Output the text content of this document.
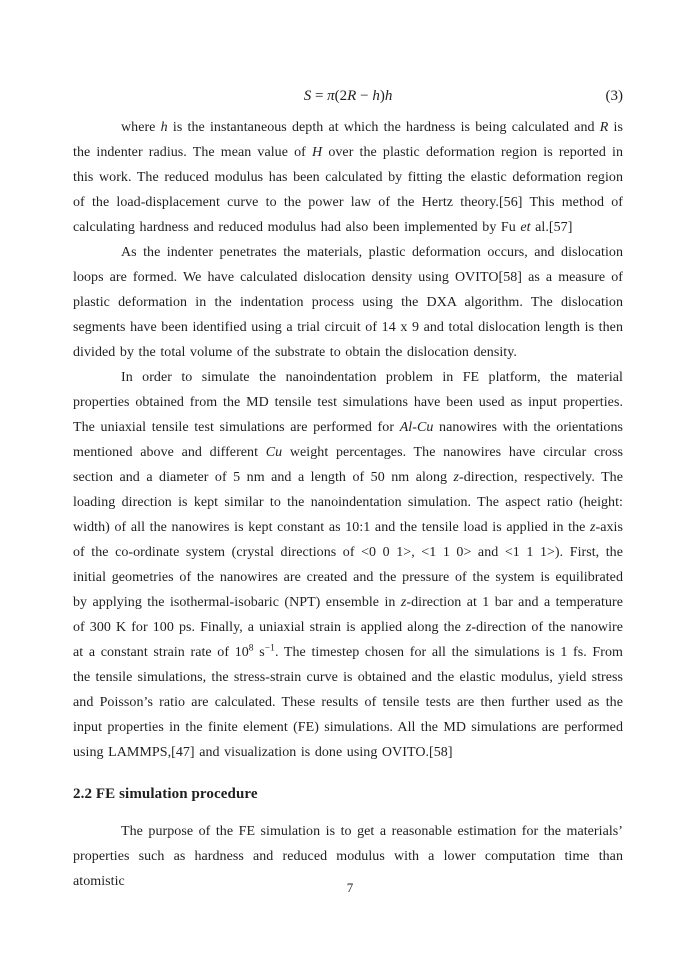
S = π(2R − h)h	(3)

where h is the instantaneous depth at which the hardness is being calculated and R is the indenter radius. The mean value of H over the plastic deformation region is reported in this work. The reduced modulus has been calculated by fitting the elastic deformation region of the load-displacement curve to the power law of the Hertz theory.[56] This method of calculating hardness and reduced modulus had also been implemented by Fu et al.[57]

As the indenter penetrates the materials, plastic deformation occurs, and dislocation loops are formed. We have calculated dislocation density using OVITO[58] as a measure of plastic deformation in the indentation process using the DXA algorithm. The dislocation segments have been identified using a trial circuit of 14 x 9 and total dislocation length is then divided by the total volume of the substrate to obtain the dislocation density.

In order to simulate the nanoindentation problem in FE platform, the material properties obtained from the MD tensile test simulations have been used as input properties. The uniaxial tensile test simulations are performed for Al-Cu nanowires with the orientations mentioned above and different Cu weight percentages. The nanowires have circular cross section and a diameter of 5 nm and a length of 50 nm along z-direction, respectively. The loading direction is kept similar to the nanoindentation simulation. The aspect ratio (height: width) of all the nanowires is kept constant as 10:1 and the tensile load is applied in the z-axis of the co-ordinate system (crystal directions of <0 0 1>, <1 1 0> and <1 1 1>). First, the initial geometries of the nanowires are created and the pressure of the system is equilibrated by applying the isothermal-isobaric (NPT) ensemble in z-direction at 1 bar and a temperature of 300 K for 100 ps. Finally, a uniaxial strain is applied along the z-direction of the nanowire at a constant strain rate of $10^8$ $s^{-1}$. The timestep chosen for all the simulations is 1 fs. From the tensile simulations, the stress-strain curve is obtained and the elastic modulus, yield stress and Poisson’s ratio are calculated. These results of tensile tests are then further used as the input properties in the finite element (FE) simulations. All the MD simulations are performed using LAMMPS,[47] and visualization is done using OVITO.[58]

2.2 FE simulation procedure

The purpose of the FE simulation is to get a reasonable estimation for the materials’ properties such as hardness and reduced modulus with a lower computation time than atomistic	7
